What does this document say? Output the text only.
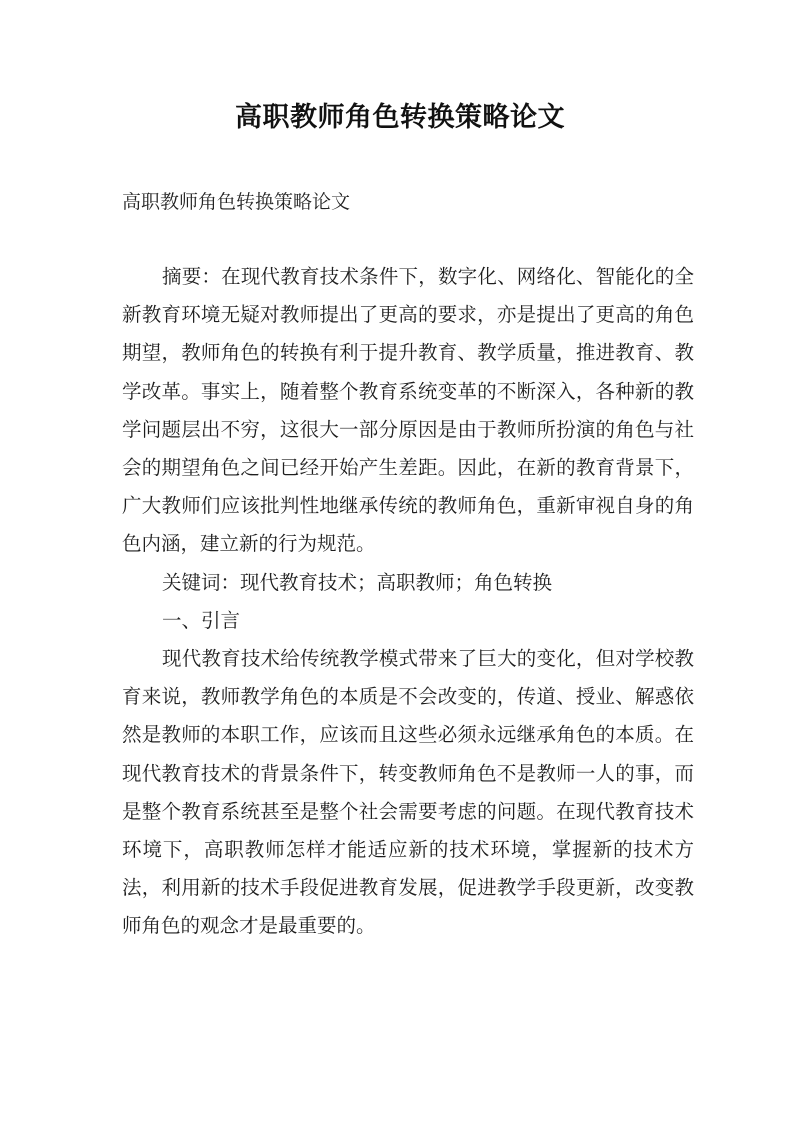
高职教师角色转换策略论文
高职教师角色转换策略论文

摘要：在现代教育技术条件下，数字化、网络化、智能化的全新教育环境无疑对教师提出了更高的要求，亦是提出了更高的角色期望，教师角色的转换有利于提升教育、教学质量，推进教育、教学改革。事实上，随着整个教育系统变革的不断深入，各种新的教学问题层出不穷，这很大一部分原因是由于教师所扮演的角色与社会的期望角色之间已经开始产生差距。因此，在新的教育背景下，广大教师们应该批判性地继承传统的教师角色，重新审视自身的角色内涵，建立新的行为规范。

关键词：现代教育技术；高职教师；角色转换

一、引言

现代教育技术给传统教学模式带来了巨大的变化，但对学校教育来说，教师教学角色的本质是不会改变的，传道、授业、解惑依然是教师的本职工作，应该而且这些必须永远继承角色的本质。在现代教育技术的背景条件下，转变教师角色不是教师一人的事，而是整个教育系统甚至是整个社会需要考虑的问题。在现代教育技术环境下，高职教师怎样才能适应新的技术环境，掌握新的技术方法，利用新的技术手段促进教育发展，促进教学手段更新，改变教师角色的观念才是最重要的。
